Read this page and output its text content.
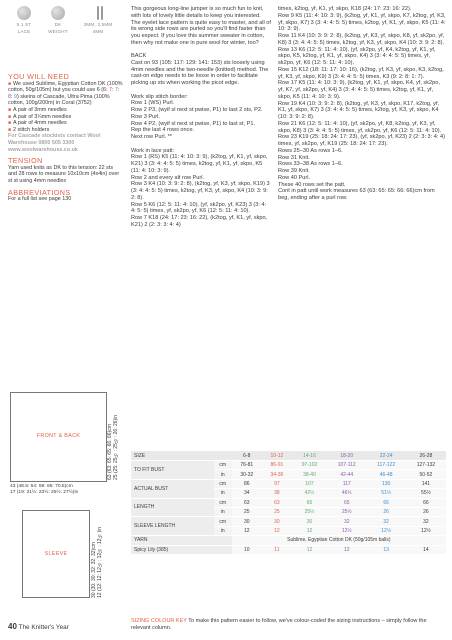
5.1 ST
LACE
DK
WEIGHT
3MM, 3.5MM
4MM

YOU WILL NEED

■ We used Sublime, Egyptian Cotton DK (100% cotton, 50g/105m) but you could use 6 (6: 7: 7: 8: 9) skeins of Cascade, Ultra Pima (100% cotton, 100g/200m) in Coral (3752)

■ A pair of 3mm needles

■ A pair of 3¼mm needles

■ A pair of 4mm needles

■ 2 stitch holders

For Cascade stockists contact Wool Warehouse 0800 505 3300 www.woolwarehouse.co.uk

TENSION

Yarn used knits as DK to this tension: 22 sts and 28 rows to measure 10x10cm (4x4in) over st st using 4mm needles

ABBREVIATIONS

For a full list see page 130

This gorgeous long-line jumper is so much fun to knit, with lots of lovely little details to keep you interested. The eyelet lace pattern is quite easy to master, and all of its wrong side rows are purled so you'll find faster than you expect. If you love this summer sweater in cotton, then why not make one in pure wool for winter, too?

BACK

Cast on 93 (105: 117: 129: 141: 153) sts loosely using 4mm needles and the two-needle (knitted) method. The cast-on edge needs to be loose in order to facilitate picking up sts when working the picot edge.

Work slip stitch border:

Row 1 (WS) Purl.

Row 2 P3, (wyif sl next st pwise, P1) to last 2 sts, P2.

Row 3 Purl.

Row 4 P2, (wyif sl next st pwise, P1) to last st, P1.

Rep the last 4 rows once.

Next row Purl. **

Work in lace patt:

Row 1 (RS) K5 (11: 4: 10: 3: 9), (k2tog, yf, K1, yf, skpo, K21) 3 (3: 4: 4: 5: 5) times, k2tog, yf, K1, yf, skpo, K5 (11: 4: 10: 3: 9).

Row 2 and every alt row Purl.

Row 3 K4 (10: 3: 9: 2: 8), (k2tog, yf, K3, yf, skpo, K19) 3 (3: 4: 4: 5: 5) times, k2tog, yf, K3, yf, skpo, K4 (10: 3: 9: 2: 8).

Row 5 K6 (12: 5: 11: 4: 10), (yf, sk2po, yf, K23) 3 (3: 4: 4: 5: 5) times, yf, sk2po, yf, K6 (12: 5: 11: 4: 10).

Row 7 K18 (24: 17: 23: 16: 22), (k2tog, yf, K1, yf, skpo, K21) 2 (2: 3: 3: 4: 4)

times, k2tog, yf, K1, yf, skpo, K18 (24: 17: 23: 16: 22).

Row 9 K5 (11: 4: 10: 3: 9), (k2tog, yf, K1, yf, skpo, K7, k2tog, yf, K3, yf, skpo, K7) 3 (3: 4: 4: 5: 5) times, k2tog, yf, K1, yf, skpo, K5 (11: 4: 10: 3: 9).

Row 11 K4 (10: 3: 9: 2: 8), (k2tog, yf, K3, yf, skpo, K8, yf, sk2po, yf, K8) 3 (3: 4: 4: 5: 5) times, k2tog, yf, K3, yf, skpo, K4 (10: 3: 9: 2: 8).

Row 13 K6 (12: 5: 11: 4: 10), (yf, sk2po, yf, K4, k2tog, yf, K1, yf, skpo, K5, k2tog, yf, K1, yf, skpo, K4) 3 (3: 4: 4: 5: 5) times, yf, sk2po, yf, K6 (12: 5: 11: 4: 10).

Row 15 K12 (18: 11: 17: 10: 16), (k2tog, yf, K3, yf, skpo, K3, k2tog, yf, K3, yf, skpo, K9) 3 (3: 4: 4: 5: 5) times, K3 (9: 2: 8: 1: 7).

Row 17 K5 (11: 4: 10: 3: 9), (k2tog, yf, K1, yf, skpo, K4, yf, sk2po, yf, K7, yf, sk2po, yf, K4) 3 (3: 4: 4: 5: 5) times, k2tog, yf, K1, yf, skpo, K5 (11: 4: 10: 3: 9).

Row 19 K4 (10: 3: 9: 2: 8), (k2tog, yf, K3, yf, skpo, K17, k2tog, yf, K1, yf, skpo, K7) 3 (3: 4: 4: 5: 5) times, k2tog, yf, K3, yf, skpo, K4 (10: 3: 9: 2: 8).

Row 21 K6 (12: 5: 11: 4: 10), (yf, sk2po, yf, K8, k2tog, yf, K3, yf, skpo, K8) 3 (3: 4: 4: 5: 5) times, yf, sk2po, yf, K6 (12: 5: 11: 4: 10).

Row 23 K19 (25: 18: 24: 17: 23), (yf, sk2po, yf, K23) 2 (2: 3: 3: 4: 4) times, yf, sk2po, yf, K19 (25: 18: 24: 17: 23).

Rows 25–30 As rows 1–6.

Row 31 Knit.

Rows 33–38 As rows 1–6.

Row 39 Knit.

Row 40 Purl.

These 40 rows set the patt.

Cont in patt until work measures 63 (63: 65: 65: 66: 66)cm from beg, ending after a purl row.

FRONT & BACK	63 (63: 65: 65: 66: 66)cm 25 (25: 25½: 25½: 26: 26)in
43 (48.5: 54: 59: 65: 70.5)cm
17 (19: 21½: 23½: 25½: 27½)in
SLEEVE	30 (30: 30: 32: 32: 32)cm 12 (12: 12: 12½: 12½: 12½)in
SIZE		6-8	10-12	14-16	18-20	22-24	26-28
TO FIT BUST	cm	76-81	86-91	97-102	107-112	117-122	127-132
	in	30-32	34-36	38-40	42-44	46-48	50-52
ACTUAL BUST	cm	86	97	107	117	130	141
	in	34	38	42½	46½	51½	55½
LENGTH	cm	63	63	65	65	66	66
	in	25	25	25½	25½	26	26
SLEEVE LENGTH	cm	30	30	30	32	32	32
	in	12	12	12	12½	12½	12½
YARN		Sublime, Egyptian Cotton DK (50g/105m balls)					
Spicy Lily (385)		10	11	12	12	13	14
SIZING COLOUR KEY To make this pattern easier to follow, we've colour-coded the sizing instructions – simply follow the relevant column.
40 The Knitter's Year
